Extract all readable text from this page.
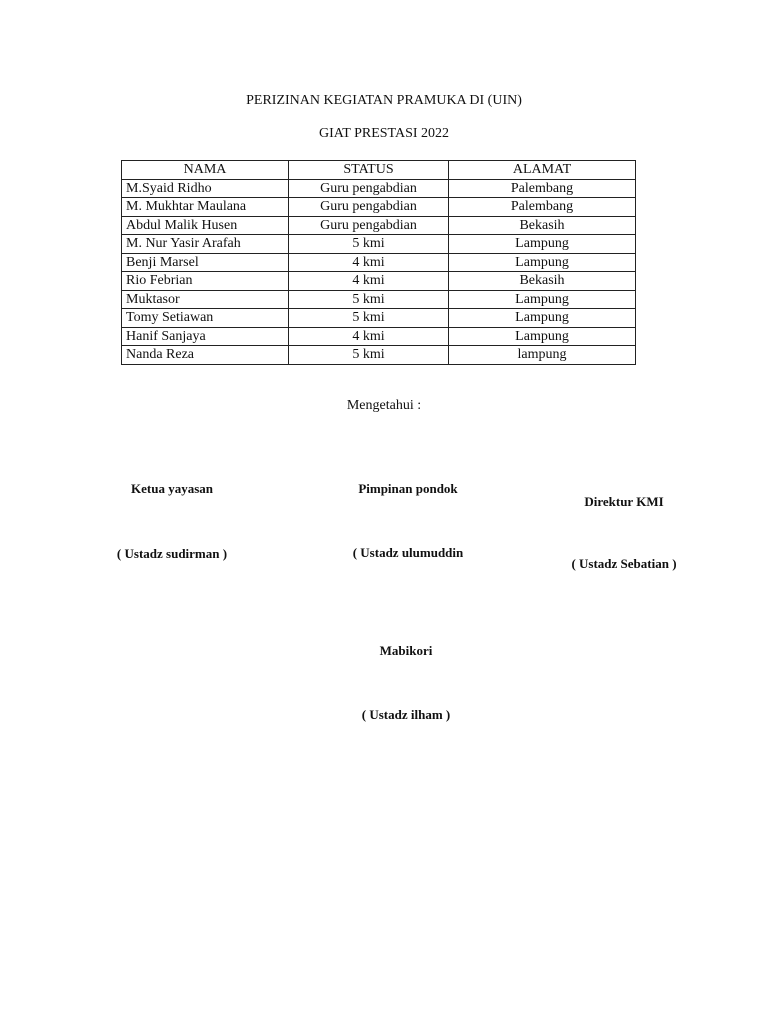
PERIZINAN KEGIATAN PRAMUKA DI (UIN)
GIAT PRESTASI 2022
NAMA	STATUS	ALAMAT
M.Syaid Ridho	Guru pengabdian	Palembang
M. Mukhtar Maulana	Guru pengabdian	Palembang
Abdul Malik Husen	Guru pengabdian	Bekasih
M. Nur Yasir Arafah	5 kmi	Lampung
Benji Marsel	4 kmi	Lampung
Rio Febrian	4 kmi	Bekasih
Muktasor	5 kmi	Lampung
Tomy Setiawan	5 kmi	Lampung
Hanif Sanjaya	4 kmi	Lampung
Nanda Reza	5 kmi	lampung
Mengetahui :
Ketua yayasan
( Ustadz sudirman )
Pimpinan pondok
( Ustadz ulumuddin
Direktur KMI
( Ustadz Sebatian )
Mabikori
( Ustadz ilham )
